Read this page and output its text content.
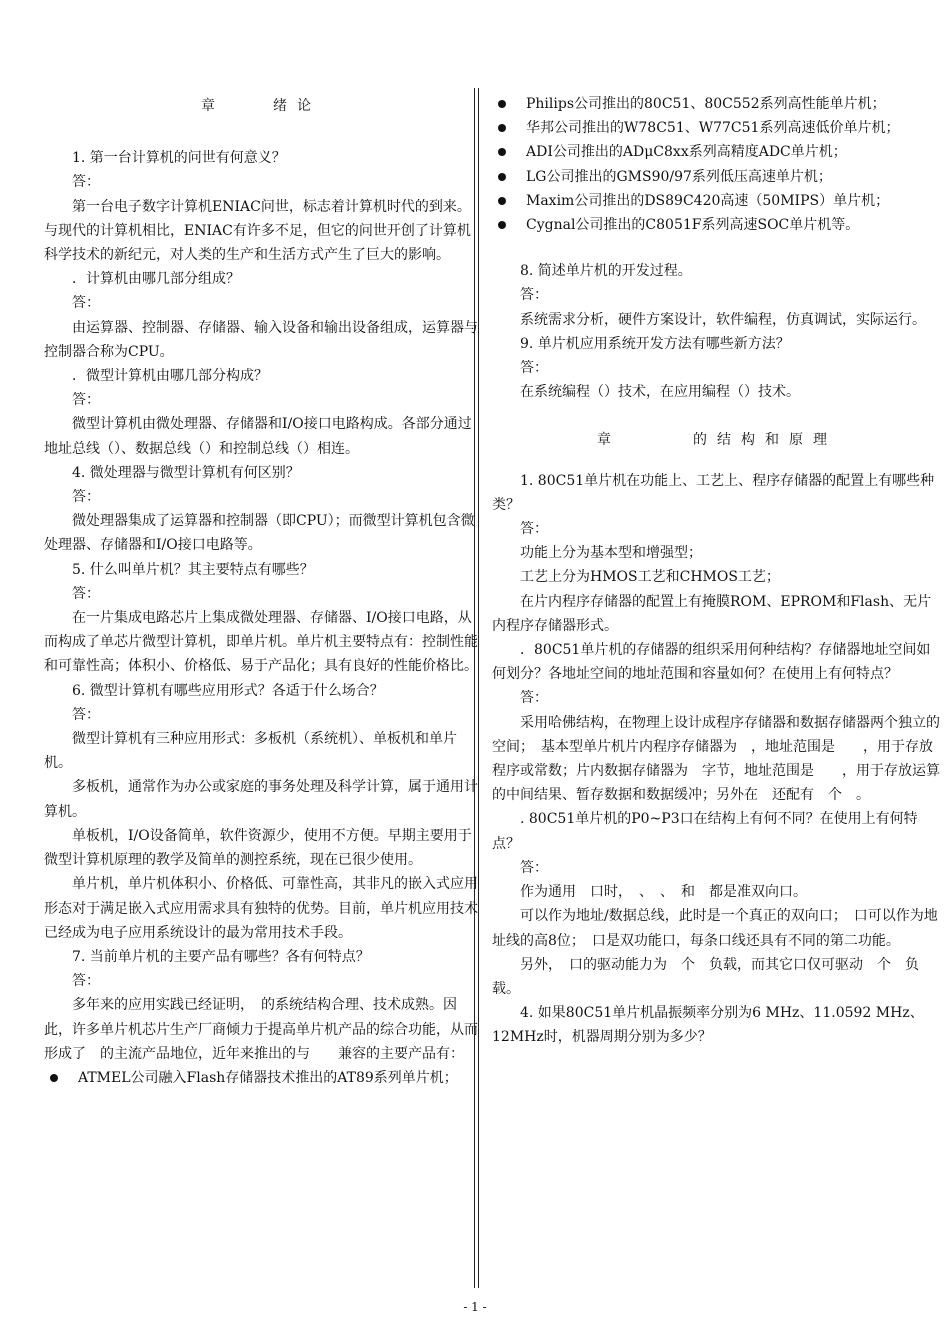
章　　绪论

1. 第一台计算机的问世有何意义？

答：

第一台电子数字计算机ENIAC问世，标志着计算机时代的到来。与现代的计算机相比，ENIAC有许多不足，但它的问世开创了计算机科学技术的新纪元，对人类的生产和生活方式产生了巨大的影响。

．计算机由哪几部分组成？

答：

由运算器、控制器、存储器、输入设备和输出设备组成，运算器与控制器合称为CPU。

．微型计算机由哪几部分构成？

答：

微型计算机由微处理器、存储器和I/O接口电路构成。各部分通过地址总线（）、数据总线（）和控制总线（）相连。

4. 微处理器与微型计算机有何区别？

答：

微处理器集成了运算器和控制器（即CPU）；而微型计算机包含微处理器、存储器和I/O接口电路等。

5. 什么叫单片机？其主要特点有哪些？

答：

在一片集成电路芯片上集成微处理器、存储器、I/O接口电路，从而构成了单芯片微型计算机，即单片机。单片机主要特点有：控制性能和可靠性高；体积小、价格低、易于产品化；具有良好的性能价格比。

6. 微型计算机有哪些应用形式？各适于什么场合？

答：

微型计算机有三种应用形式：多板机（系统机）、单板机和单片机。

多板机，通常作为办公或家庭的事务处理及科学计算，属于通用计算机。

单板机，I/O设备简单，软件资源少，使用不方便。早期主要用于微型计算机原理的教学及简单的测控系统，现在已很少使用。

单片机，单片机体积小、价格低、可靠性高，其非凡的嵌入式应用形态对于满足嵌入式应用需求具有独特的优势。目前，单片机应用技术已经成为电子应用系统设计的最为常用技术手段。

7. 当前单片机的主要产品有哪些？各有何特点？

答：

多年来的应用实践已经证明，　的系统结构合理、技术成熟。因此，许多单片机芯片生产厂商倾力于提高单片机产品的综合功能，从而形成了　的主流产品地位，近年来推出的与　　兼容的主要产品有：

ATMEL公司融入Flash存储器技术推出的AT89系列单片机；
Philips公司推出的80C51、80C552系列高性能单片机；
华邦公司推出的W78C51、W77C51系列高速低价单片机；
ADI公司推出的ADμC8xx系列高精度ADC单片机；
LG公司推出的GMS90/97系列低压高速单片机；
Maxim公司推出的DS89C420高速（50MIPS）单片机；
Cygnal公司推出的C8051F系列高速SOC单片机等。

8. 简述单片机的开发过程。

答：

系统需求分析，硬件方案设计，软件编程，仿真调试，实际运行。

9. 单片机应用系统开发方法有哪些新方法？

答：

在系统编程（）技术，在应用编程（）技术。

章　　　的结构和原理

1. 80C51单片机在功能上、工艺上、程序存储器的配置上有哪些种类？

答：

功能上分为基本型和增强型；

工艺上分为HMOS工艺和CHMOS工艺；

在片内程序存储器的配置上有掩膜ROM、EPROM和Flash、无片内程序存储器形式。

．80C51单片机的存储器的组织采用何种结构？存储器地址空间如何划分？各地址空间的地址范围和容量如何？在使用上有何特点？

答：

采用哈佛结构，在物理上设计成程序存储器和数据存储器两个独立的空间；　基本型单片机片内程序存储器为　，地址范围是　　，用于存放程序或常数；片内数据存储器为　字节，地址范围是　　，用于存放运算的中间结果、暂存数据和数据缓冲；另外在　还配有　个　。

. 80C51单片机的P0~P3口在结构上有何不同？在使用上有何特点？

答：

作为通用　口时，　、　、　和　都是准双向口。

可以作为地址/数据总线，此时是一个真正的双向口；　口可以作为地址线的高8位；　口是双功能口，每条口线还具有不同的第二功能。

另外，　口的驱动能力为　个　负载，而其它口仅可驱动　个　负载。

4. 如果80C51单片机晶振频率分别为6 MHz、11.0592 MHz、12MHz时，机器周期分别为多少？

- 1 -
